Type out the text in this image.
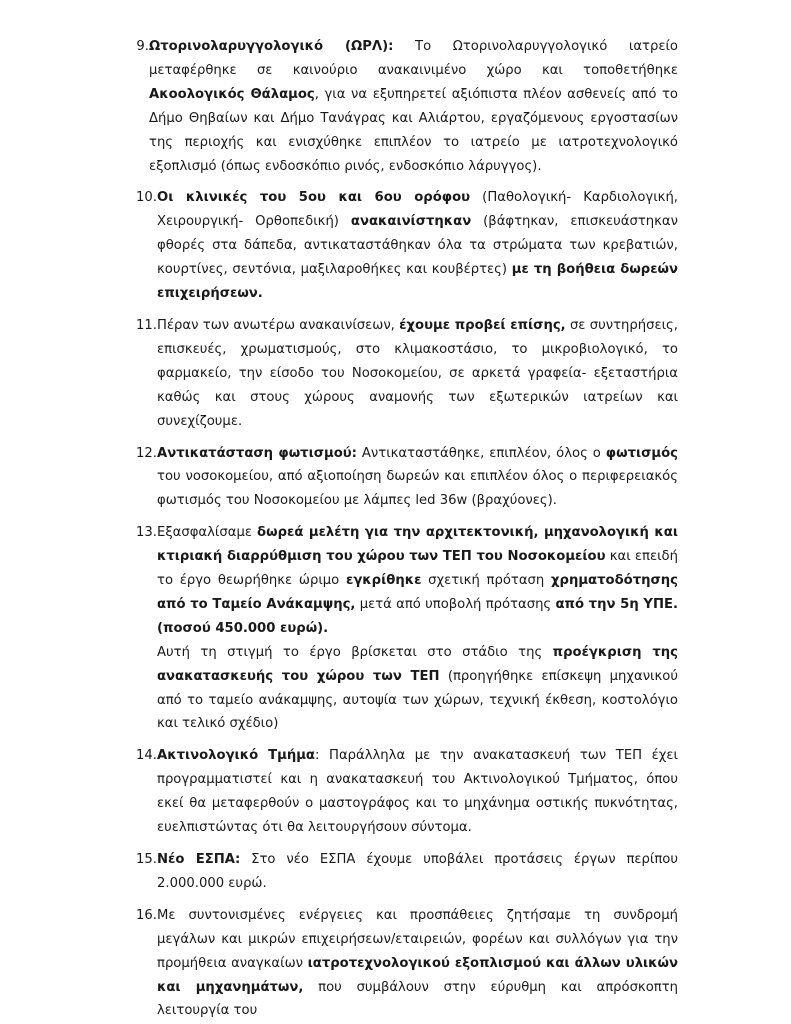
9. Ωτορινολαρυγγολογικό (ΩΡΛ): Το Ωτορινολαρυγγολογικό ιατρείο μεταφέρθηκε σε καινούριο ανακαινιμένο χώρο και τοποθετήθηκε Ακοολογικός Θάλαμος, για να εξυπηρετεί αξιόπιστα πλέον ασθενείς από το Δήμο Θηβαίων και Δήμο Τανάγρας και Αλιάρτου, εργαζόμενους εργοστασίων της περιοχής και ενισχύθηκε επιπλέον το ιατρείο με ιατροτεχνολογικό εξοπλισμό (όπως ενδοσκόπιο ρινός, ενδοσκόπιο λάρυγγος).
10. Οι κλινικές του 5ου και 6ου ορόφου (Παθολογική- Καρδιολογική, Χειρουργική- Ορθοπεδική) ανακαινίστηκαν (βάφτηκαν, επισκευάστηκαν φθορές στα δάπεδα, αντικαταστάθηκαν όλα τα στρώματα των κρεβατιών, κουρτίνες, σεντόνια, μαξιλαροθήκες και κουβέρτες) με τη βοήθεια δωρεών επιχειρήσεων.
11. Πέραν των ανωτέρω ανακαινίσεων, έχουμε προβεί επίσης, σε συντηρήσεις, επισκευές, χρωματισμούς, στο κλιμακοστάσιο, το μικροβιολογικό, το φαρμακείο, την είσοδο του Νοσοκομείου, σε αρκετά γραφεία- εξεταστήρια καθώς και στους χώρους αναμονής των εξωτερικών ιατρείων και συνεχίζουμε.
12. Αντικατάσταση φωτισμού: Αντικαταστάθηκε, επιπλέον, όλος ο φωτισμός του νοσοκομείου, από αξιοποίηση δωρεών και επιπλέον όλος ο περιφερειακός φωτισμός του Νοσοκομείου με λάμπες led 36w (βραχύονες).
13. Εξασφαλίσαμε δωρεά μελέτη για την αρχιτεκτονική, μηχανολογική και κτιριακή διαρρύθμιση του χώρου των ΤΕΠ του Νοσοκομείου και επειδή το έργο θεωρήθηκε ώριμο εγκρίθηκε σχετική πρόταση χρηματοδότησης από το Ταμείο Ανάκαμψης, μετά από υποβολή πρότασης από την 5η ΥΠΕ. (ποσού 450.000 ευρώ).
Αυτή τη στιγμή το έργο βρίσκεται στο στάδιο της προέγκριση της ανακατασκευής του χώρου των ΤΕΠ (προηγήθηκε επίσκεψη μηχανικού από το ταμείο ανάκαμψης, αυτοψία των χώρων, τεχνική έκθεση, κοστολόγιο και τελικό σχέδιο)
14. Ακτινολογικό Τμήμα: Παράλληλα με την ανακατασκευή των ΤΕΠ έχει προγραμματιστεί και η ανακατασκευή του Ακτινολογικού Τμήματος, όπου εκεί θα μεταφερθούν ο μαστογράφος και το μηχάνημα οστικής πυκνότητας, ευελπιστώντας ότι θα λειτουργήσουν σύντομα.
15. Νέο ΕΣΠΑ: Στο νέο ΕΣΠΑ έχουμε υποβάλει προτάσεις έργων περίπου 2.000.000 ευρώ.
16. Με συντονισμένες ενέργειες και προσπάθειες ζητήσαμε τη συνδρομή μεγάλων και μικρών επιχειρήσεων/εταιρειών, φορέων και συλλόγων για την προμήθεια αναγκαίων ιατροτεχνολογικού εξοπλισμού και άλλων υλικών και μηχανημάτων, που συμβάλουν στην εύρυθμη και απρόσκοπτη λειτουργία του
